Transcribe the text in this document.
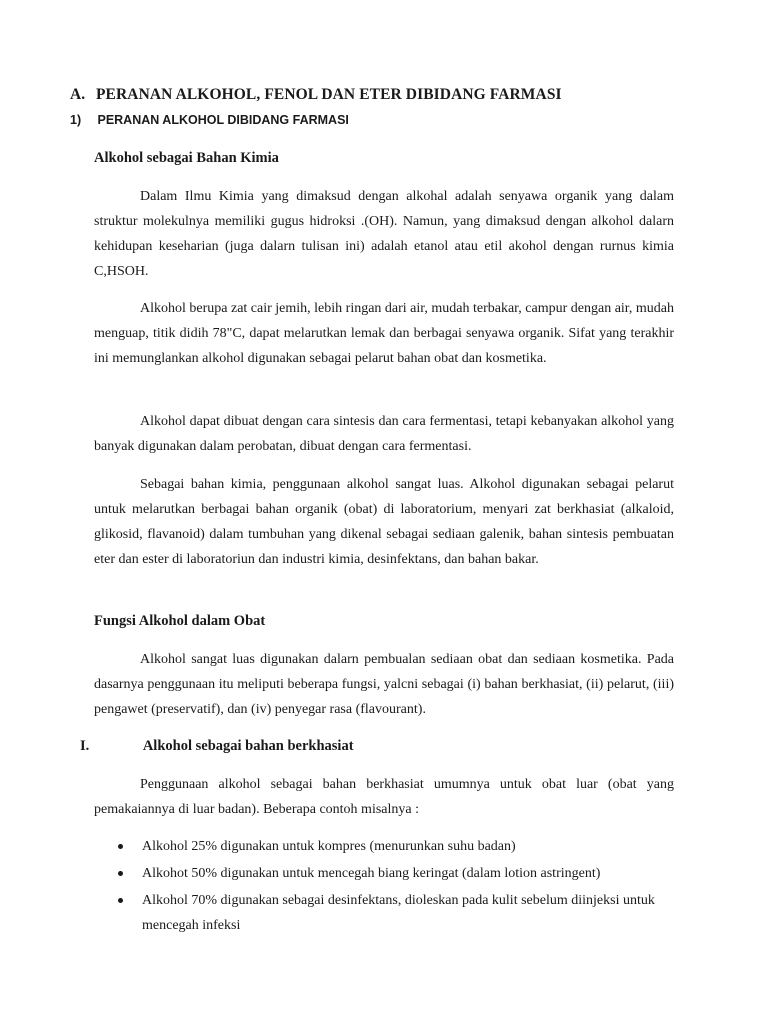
A. PERANAN ALKOHOL, FENOL DAN ETER DIBIDANG FARMASI
1) PERANAN ALKOHOL DIBIDANG FARMASI
Alkohol sebagai Bahan Kimia

Dalam Ilmu Kimia yang dimaksud dengan alkohal adalah senyawa organik yang dalam struktur molekulnya memiliki gugus hidroksi .(OH). Namun, yang dimaksud dengan alkohol dalarn kehidupan keseharian (juga dalarn tulisan ini) adalah etanol atau etil akohol dengan rurnus kimia C,HSOH.

Alkohol berupa zat cair jemih, lebih ringan dari air, mudah terbakar, campur dengan air, mudah menguap, titik didih 78"C, dapat melarutkan lemak dan berbagai senyawa organik. Sifat yang terakhir ini memunglankan alkohol digunakan sebagai pelarut bahan obat dan kosmetika.

Alkohol dapat dibuat dengan cara sintesis dan cara fermentasi, tetapi kebanyakan alkohol yang banyak digunakan dalam perobatan, dibuat dengan cara fermentasi.

Sebagai bahan kimia, penggunaan alkohol sangat luas. Alkohol digunakan sebagai pelarut untuk melarutkan berbagai bahan organik (obat) di laboratorium, menyari zat berkhasiat (alkaloid, glikosid, flavanoid) dalam tumbuhan yang dikenal sebagai sediaan galenik, bahan sintesis pembuatan eter dan ester di laboratoriun dan industri kimia, desinfektans, dan bahan bakar.

Fungsi Alkohol dalam Obat

Alkohol sangat luas digunakan dalarn pembualan sediaan obat dan sediaan kosmetika. Pada dasarnya penggunaan itu meliputi beberapa fungsi, yalcni sebagai (i) bahan berkhasiat, (ii) pelarut, (iii) pengawet (preservatif), dan (iv) penyegar rasa (flavourant).

I.	Alkohol sebagai bahan berkhasiat

Penggunaan alkohol sebagai bahan berkhasiat umumnya untuk obat luar (obat yang pemakaiannya di luar badan). Beberapa contoh misalnya :

Alkohol 25% digunakan untuk kompres (menurunkan suhu badan)
Alkohot 50% digunakan untuk mencegah biang keringat (dalam lotion astringent)
Alkohol 70% digunakan sebagai desinfektans, dioleskan pada kulit sebelum diinjeksi untuk mencegah infeksi
